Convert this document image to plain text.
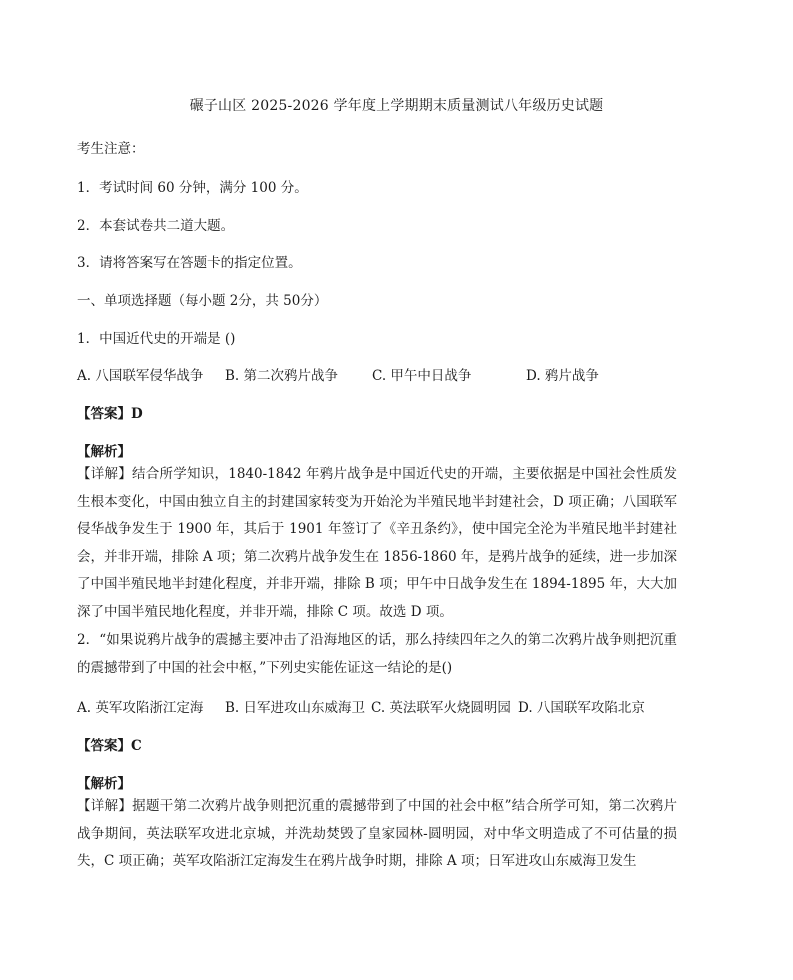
碾子山区 2025-2026 学年度上学期期末质量测试八年级历史试题
考生注意：
1．考试时间 60 分钟，满分 100 分。
2．本套试卷共二道大题。
3．请将答案写在答题卡的指定位置。
一、单项选择题（每小题 2分，共 50分）
1．中国近代史的开端是 ()
A. 八国联军侵华战争 B. 第二次鸦片战争	C. 甲午中日战争	D. 鸦片战争
【答案】D
【解析】
【详解】结合所学知识，1840-1842 年鸦片战争是中国近代史的开端，主要依据是中国社会性质发生根本变化，中国由独立自主的封建国家转变为开始沦为半殖民地半封建社会，D 项正确；八国联军侵华战争发生于 1900 年，其后于 1901 年签订了《辛丑条约》，使中国完全沦为半殖民地半封建社会，并非开端，排除 A 项；第二次鸦片战争发生在 1856-1860 年，是鸦片战争的延续，进一步加深了中国半殖民地半封建化程度，并非开端，排除 B 项；甲午中日战争发生在 1894-1895 年，大大加深了中国半殖民地化程度，并非开端，排除 C 项。故选 D 项。
2．“如果说鸦片战争的震撼主要冲击了沿海地区的话，那么持续四年之久的第二次鸦片战争则把沉重的震撼带到了中国的社会中枢，”下列史实能佐证这一结论的是()
A. 英军攻陷浙江定海 B. 日军进攻山东威海卫 C. 英法联军火烧圆明园 D. 八国联军攻陷北京
【答案】C
【解析】
【详解】据题干第二次鸦片战争则把沉重的震撼带到了中国的社会中枢”结合所学可知，第二次鸦片战争期间，英法联军攻进北京城，并洗劫焚毁了皇家园林-圆明园，对中华文明造成了不可估量的损失，C 项正确；英军攻陷浙江定海发生在鸦片战争时期，排除 A 项；日军进攻山东威海卫发生
